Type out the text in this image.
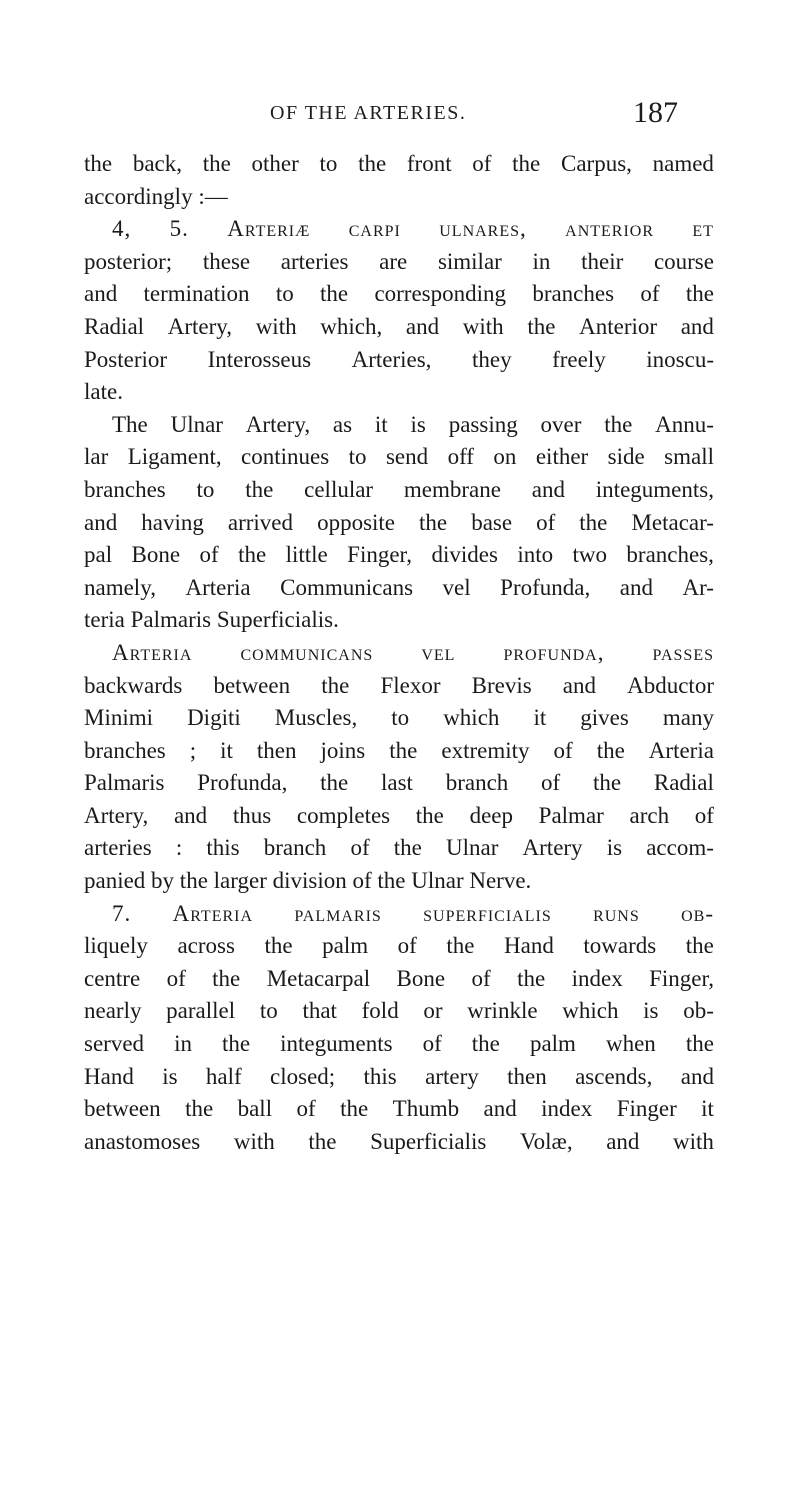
OF THE ARTERIES.	187
the back, the other to the front of the Carpus, named
accordingly :—
4, 5. Arteriæ carpi ulnares, anterior et
posterior; these arteries are similar in their course
and termination to the corresponding branches of the
Radial Artery, with which, and with the Anterior and
Posterior Interosseus Arteries, they freely inoscu-
late.
The Ulnar Artery, as it is passing over the Annu-
lar Ligament, continues to send off on either side small
branches to the cellular membrane and integuments,
and having arrived opposite the base of the Metacar-
pal Bone of the little Finger, divides into two branches,
namely, Arteria Communicans vel Profunda, and Ar-
teria Palmaris Superficialis.
Arteria communicans vel profunda, passes
backwards between the Flexor Brevis and Abductor
Minimi Digiti Muscles, to which it gives many
branches ; it then joins the extremity of the Arteria
Palmaris Profunda, the last branch of the Radial
Artery, and thus completes the deep Palmar arch of
arteries : this branch of the Ulnar Artery is accom-
panied by the larger division of the Ulnar Nerve.
7. Arteria palmaris superficialis runs ob-
liquely across the palm of the Hand towards the
centre of the Metacarpal Bone of the index Finger,
nearly parallel to that fold or wrinkle which is ob-
served in the integuments of the palm when the
Hand is half closed; this artery then ascends, and
between the ball of the Thumb and index Finger it
anastomoses with the Superficialis Volæ, and with
